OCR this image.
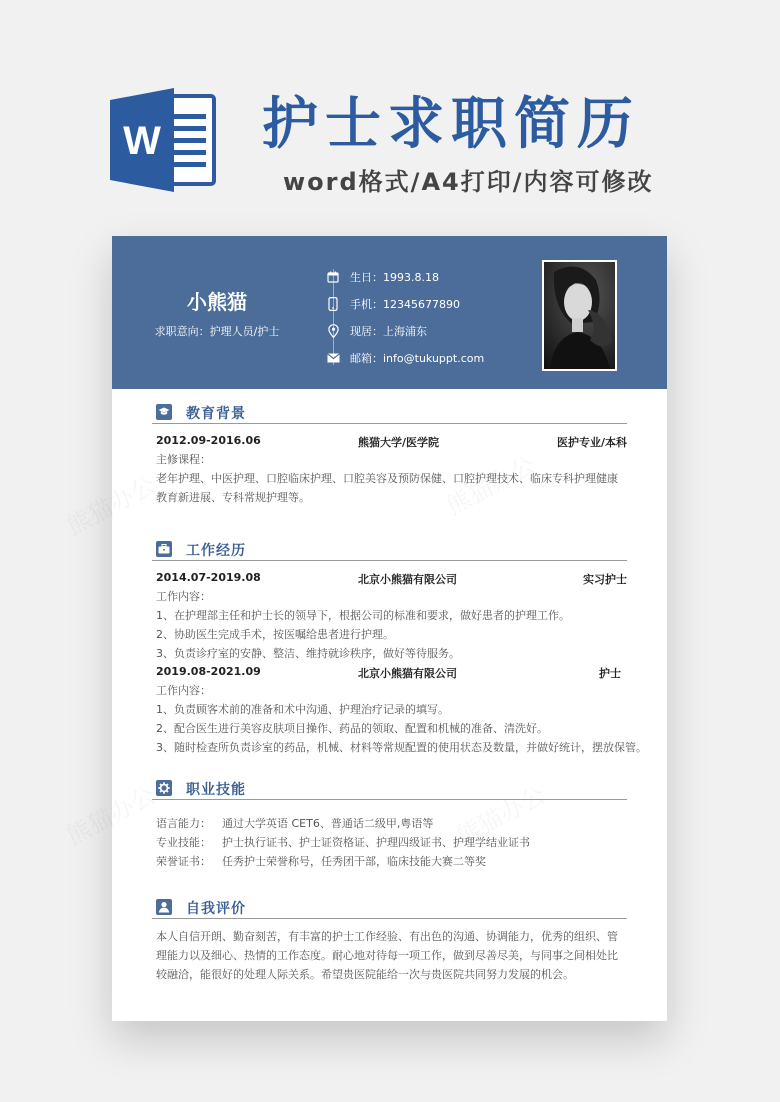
W 护士求职简历
word格式/A4打印/内容可修改
小熊猫
求职意向：护理人员/护士
生日：1993.8.18
手机：12345677890
现居：上海浦东
邮箱：info@tukuppt.com
教育背景
2012.09-2016.06	熊猫大学/医学院	医护专业/本科
主修课程：
老年护理、中医护理、口腔临床护理、口腔美容及预防保健、口腔护理技术、临床专科护理健康教育新进展、专科常规护理等。
工作经历
2014.07-2019.08	北京小熊猫有限公司	实习护士
工作内容：
1、在护理部主任和护士长的领导下，根据公司的标准和要求，做好患者的护理工作。
2、协助医生完成手术，按医嘱给患者进行护理。
3、负责诊疗室的安静、整洁、维持就诊秩序，做好等待服务。
2019.08-2021.09	北京小熊猫有限公司	护士
工作内容：
1、负责顾客术前的准备和术中沟通、护理治疗记录的填写。
2、配合医生进行美容皮肤项目操作、药品的领取、配置和机械的准备、清洗好。
3、随时检查所负责诊室的药品，机械、材料等常规配置的使用状态及数量，并做好统计，摆放保管。
职业技能
语言能力：	通过大学英语 CET6、普通话二级甲,粤语等
专业技能：	护士执行证书、护士证资格证、护理四级证书、护理学结业证书
荣誉证书：	任秀护士荣誉称号，任秀团干部，临床技能大赛二等奖
自我评价
本人自信开朗、勤奋刻苦，有丰富的护士工作经验、有出色的沟通、协调能力，优秀的组织、管理能力以及细心、热情的工作态度。耐心地对待每一项工作，做到尽善尽美，与同事之间相处比较融洽，能很好的处理人际关系。希望贵医院能给一次与贵医院共同努力发展的机会。
